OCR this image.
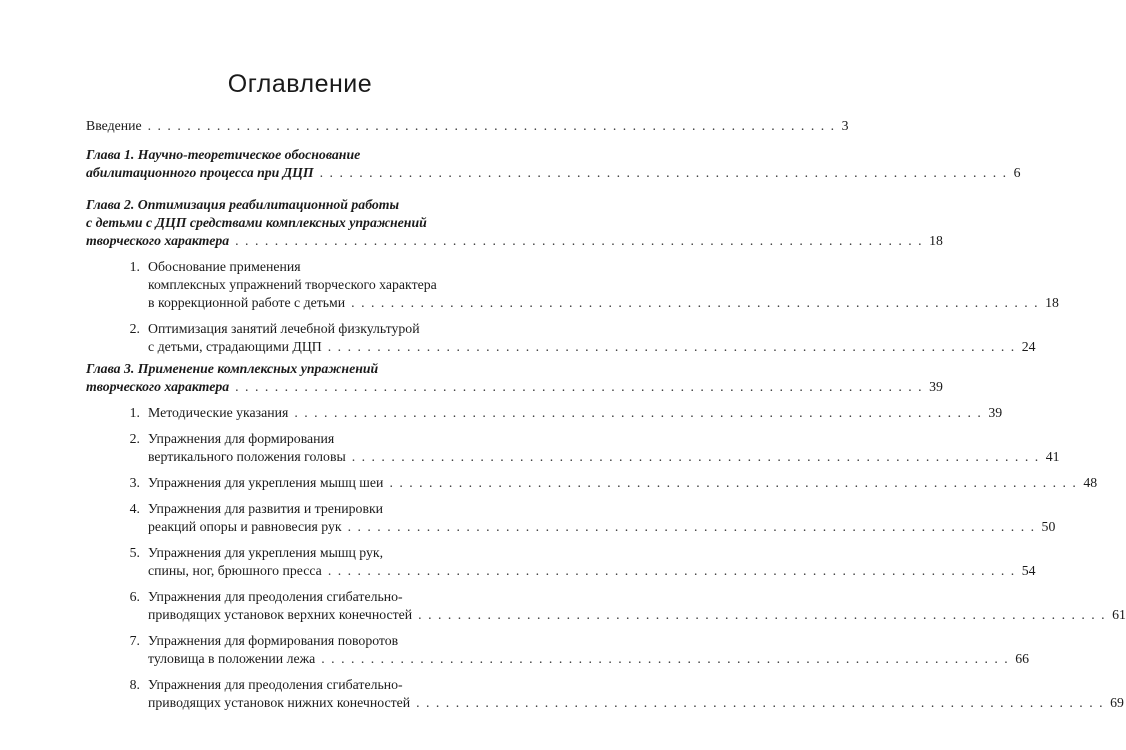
Оглавление
Введение . . . . . . . . . . . . . . . . . . . . . . . . . . . . . . . . . . . . . . . . . . . . . . . . . . . . . . . . . . . . . . . . . . . . . . 3
Глава 1. Научно-теоретическое обоснование
абилитационного процесса при ДЦП . . . . . . . . . . . . . . . . . . . . . . . . . . . . . . . . . . . . . . . . . . . . . . . . . . . . . . . . . . . . . . . . . . . . . . 6
Глава 2. Оптимизация реабилитационной работы
с детьми с ДЦП средствами комплексных упражнений
творческого характера . . . . . . . . . . . . . . . . . . . . . . . . . . . . . . . . . . . . . . . . . . . . . . . . . . . . . . . . . . . . . . . . . . . . . . 18
1. Обоснование применения
комплексных упражнений творческого характера
в коррекционной работе с детьми . . . . . . . . . . . . . . . . . . . . . . . . . . . . . . . . . . . . . . . . . . . . . . . . . . . . . . . . . . . . . . . . . . . . . . 18
2. Оптимизация занятий лечебной физкультурой
с детьми, страдающими ДЦП . . . . . . . . . . . . . . . . . . . . . . . . . . . . . . . . . . . . . . . . . . . . . . . . . . . . . . . . . . . . . . . . . . . . . . 24
Глава 3. Применение комплексных упражнений
творческого характера . . . . . . . . . . . . . . . . . . . . . . . . . . . . . . . . . . . . . . . . . . . . . . . . . . . . . . . . . . . . . . . . . . . . . . 39
1. Методические указания . . . . . . . . . . . . . . . . . . . . . . . . . . . . . . . . . . . . . . . . . . . . . . . . . . . . . . . . . . . . . . . . . . . . . . 39
2. Упражнения для формирования
вертикального положения головы . . . . . . . . . . . . . . . . . . . . . . . . . . . . . . . . . . . . . . . . . . . . . . . . . . . . . . . . . . . . . . . . . . . . . . 41
3. Упражнения для укрепления мышц шеи . . . . . . . . . . . . . . . . . . . . . . . . . . . . . . . . . . . . . . . . . . . . . . . . . . . . . . . . . . . . . . . . . . . . . . 48
4. Упражнения для развития и тренировки
реакций опоры и равновесия рук . . . . . . . . . . . . . . . . . . . . . . . . . . . . . . . . . . . . . . . . . . . . . . . . . . . . . . . . . . . . . . . . . . . . . . 50
5. Упражнения для укрепления мышц рук,
спины, ног, брюшного пресса . . . . . . . . . . . . . . . . . . . . . . . . . . . . . . . . . . . . . . . . . . . . . . . . . . . . . . . . . . . . . . . . . . . . . . 54
6. Упражнения для преодоления сгибательно-
приводящих установок верхних конечностей . . . . . . . . . . . . . . . . . . . . . . . . . . . . . . . . . . . . . . . . . . . . . . . . . . . . . . . . . . . . . . . . . . . . . . 61
7. Упражнения для формирования поворотов
туловища в положении лежа . . . . . . . . . . . . . . . . . . . . . . . . . . . . . . . . . . . . . . . . . . . . . . . . . . . . . . . . . . . . . . . . . . . . . . 66
8. Упражнения для преодоления сгибательно-
приводящих установок нижних конечностей . . . . . . . . . . . . . . . . . . . . . . . . . . . . . . . . . . . . . . . . . . . . . . . . . . . . . . . . . . . . . . . . . . . . . . 69
